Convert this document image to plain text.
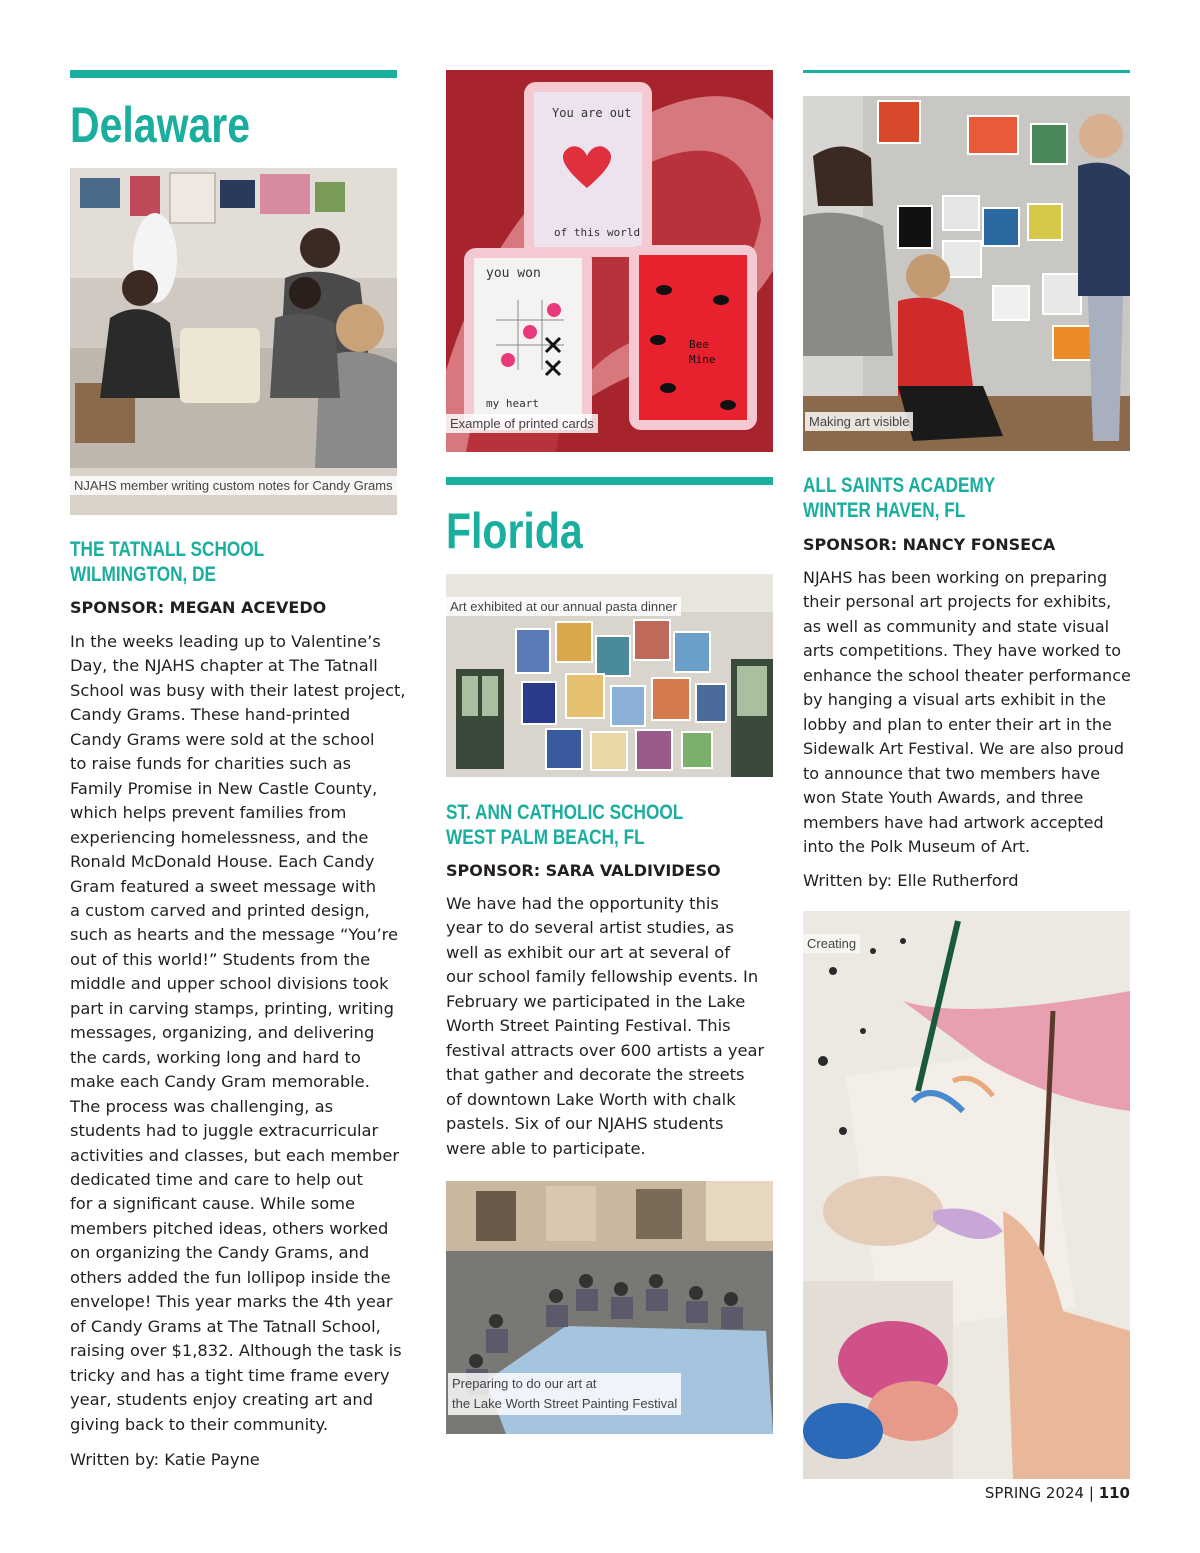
Delaware
NJAHS member writing custom notes for Candy Grams
THE TATNALL SCHOOL
WILMINGTON, DE
SPONSOR: MEGAN ACEVEDO
In the weeks leading up to Valentine’s
Day, the NJAHS chapter at The Tatnall
School was busy with their latest project,
Candy Grams. These hand-printed
Candy Grams were sold at the school
to raise funds for charities such as
Family Promise in New Castle County,
which helps prevent families from
experiencing homelessness, and the
Ronald McDonald House. Each Candy
Gram featured a sweet message with
a custom carved and printed design,
such as hearts and the message “You’re
out of this world!” Students from the
middle and upper school divisions took
part in carving stamps, printing, writing
messages, organizing, and delivering
the cards, working long and hard to
make each Candy Gram memorable.
The process was challenging, as
students had to juggle extracurricular
activities and classes, but each member
dedicated time and care to help out
for a significant cause. While some
members pitched ideas, others worked
on organizing the Candy Grams, and
others added the fun lollipop inside the
envelope! This year marks the 4th year
of Candy Grams at The Tatnall School,
raising over $1,832. Although the task is
tricky and has a tight time frame every
year, students enjoy creating art and
giving back to their community.
Written by: Katie Payne
You are out
of this world
you won
my heart
Bee
Mine
Example of printed cards
Florida
Art exhibited at our annual pasta dinner
ST. ANN CATHOLIC SCHOOL
WEST PALM BEACH, FL
SPONSOR: SARA VALDIVIDESO
We have had the opportunity this
year to do several artist studies, as
well as exhibit our art at several of
our school family fellowship events. In
February we participated in the Lake
Worth Street Painting Festival. This
festival attracts over 600 artists a year
that gather and decorate the streets
of downtown Lake Worth with chalk
pastels. Six of our NJAHS students
were able to participate.
Preparing to do our art at
the Lake Worth Street Painting Festival
Making art visible
ALL SAINTS ACADEMY
WINTER HAVEN, FL
SPONSOR: NANCY FONSECA
NJAHS has been working on preparing
their personal art projects for exhibits,
as well as community and state visual
arts competitions. They have worked to
enhance the school theater performance
by hanging a visual arts exhibit in the
lobby and plan to enter their art in the
Sidewalk Art Festival. We are also proud
to announce that two members have
won State Youth Awards, and three
members have had artwork accepted
into the Polk Museum of Art.
Written by: Elle Rutherford
Creating
SPRING 2024 | 110
